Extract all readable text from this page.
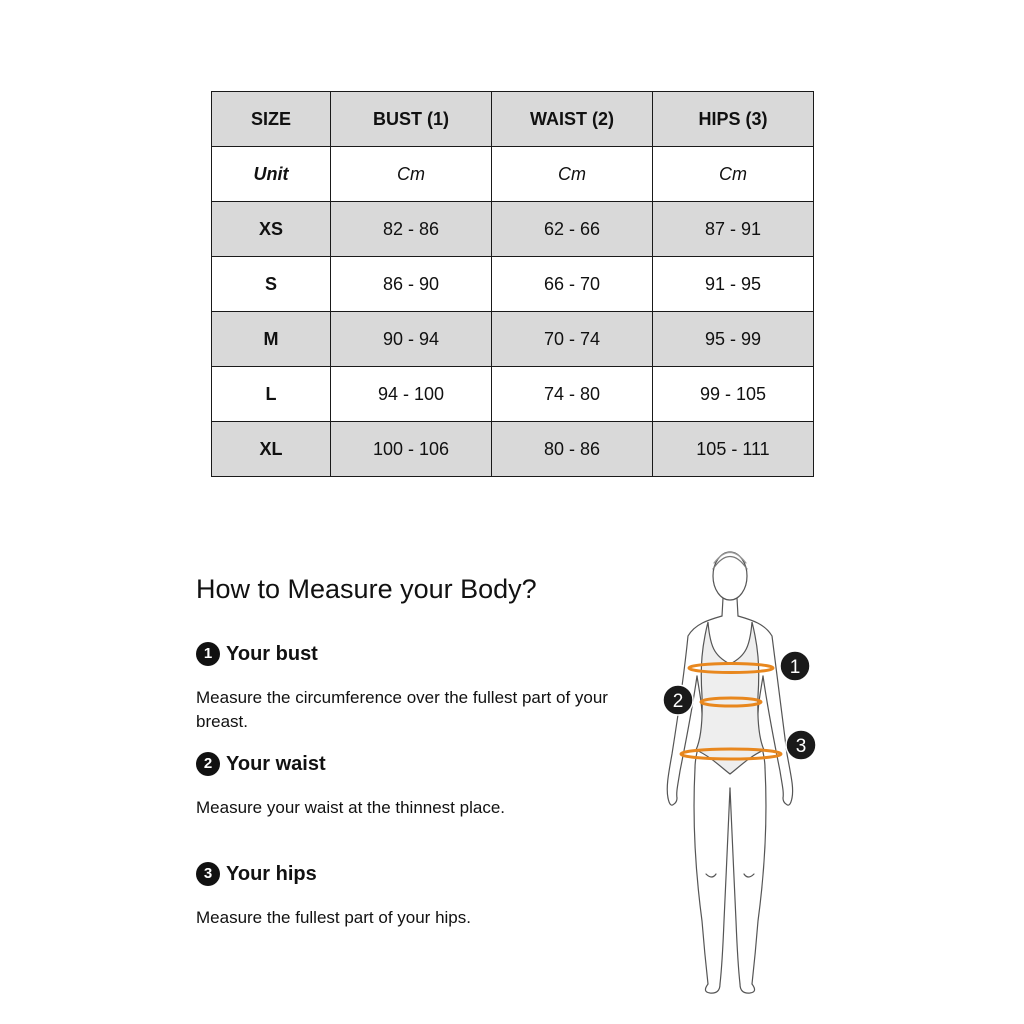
SIZE	BUST (1)	WAIST (2)	HIPS (3)
Unit	Cm	Cm	Cm
XS	82 - 86	62 - 66	87 - 91
S	86 - 90	66 - 70	91 - 95
M	90 - 94	70 - 74	95 - 99
L	94 - 100	74 - 80	99 - 105
XL	100 - 106	80 - 86	105 - 111
How to Measure your Body?
1 Your bust

Measure the circumference over the fullest part of your breast.

2 Your waist

Measure your waist at the thinnest place.

3 Your hips

Measure the fullest part of your hips.

1
2
3
